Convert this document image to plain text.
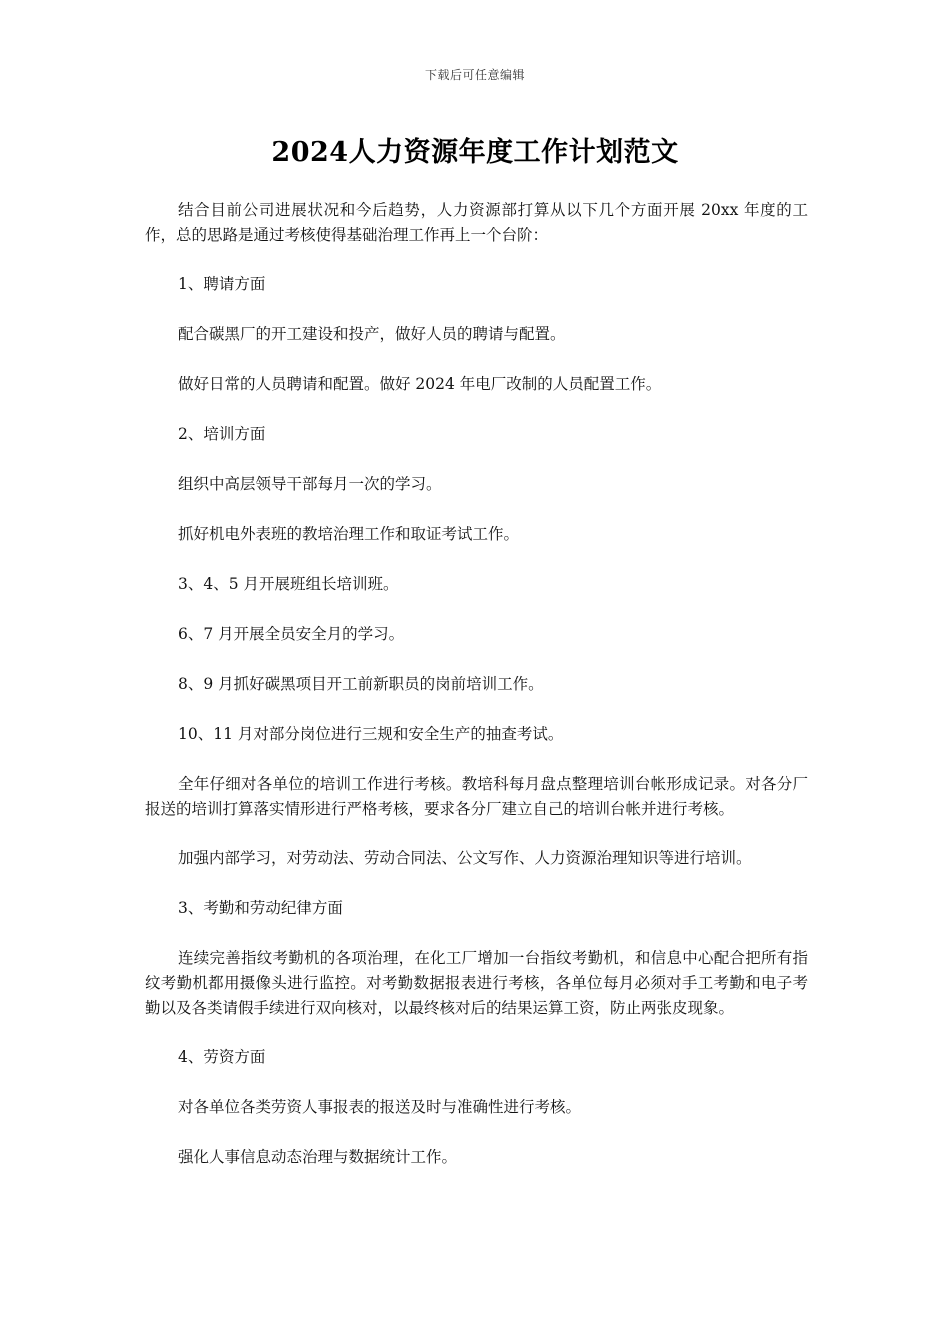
下载后可任意编辑
2024人力资源年度工作计划范文

结合目前公司进展状况和今后趋势，人力资源部打算从以下几个方面开展 20xx 年度的工作，总的思路是通过考核使得基础治理工作再上一个台阶：

1、聘请方面

配合碳黑厂的开工建设和投产，做好人员的聘请与配置。

做好日常的人员聘请和配置。做好 2024 年电厂改制的人员配置工作。

2、培训方面

组织中高层领导干部每月一次的学习。

抓好机电外表班的教培治理工作和取证考试工作。

3、4、5 月开展班组长培训班。

6、7 月开展全员安全月的学习。

8、9 月抓好碳黑项目开工前新职员的岗前培训工作。

10、11 月对部分岗位进行三规和安全生产的抽查考试。

全年仔细对各单位的培训工作进行考核。教培科每月盘点整理培训台帐形成记录。对各分厂报送的培训打算落实情形进行严格考核，要求各分厂建立自己的培训台帐并进行考核。

加强内部学习，对劳动法、劳动合同法、公文写作、人力资源治理知识等进行培训。

3、考勤和劳动纪律方面

连续完善指纹考勤机的各项治理，在化工厂增加一台指纹考勤机，和信息中心配合把所有指纹考勤机都用摄像头进行监控。对考勤数据报表进行考核，各单位每月必须对手工考勤和电子考勤以及各类请假手续进行双向核对，以最终核对后的结果运算工资，防止两张皮现象。

4、劳资方面

对各单位各类劳资人事报表的报送及时与准确性进行考核。

强化人事信息动态治理与数据统计工作。
